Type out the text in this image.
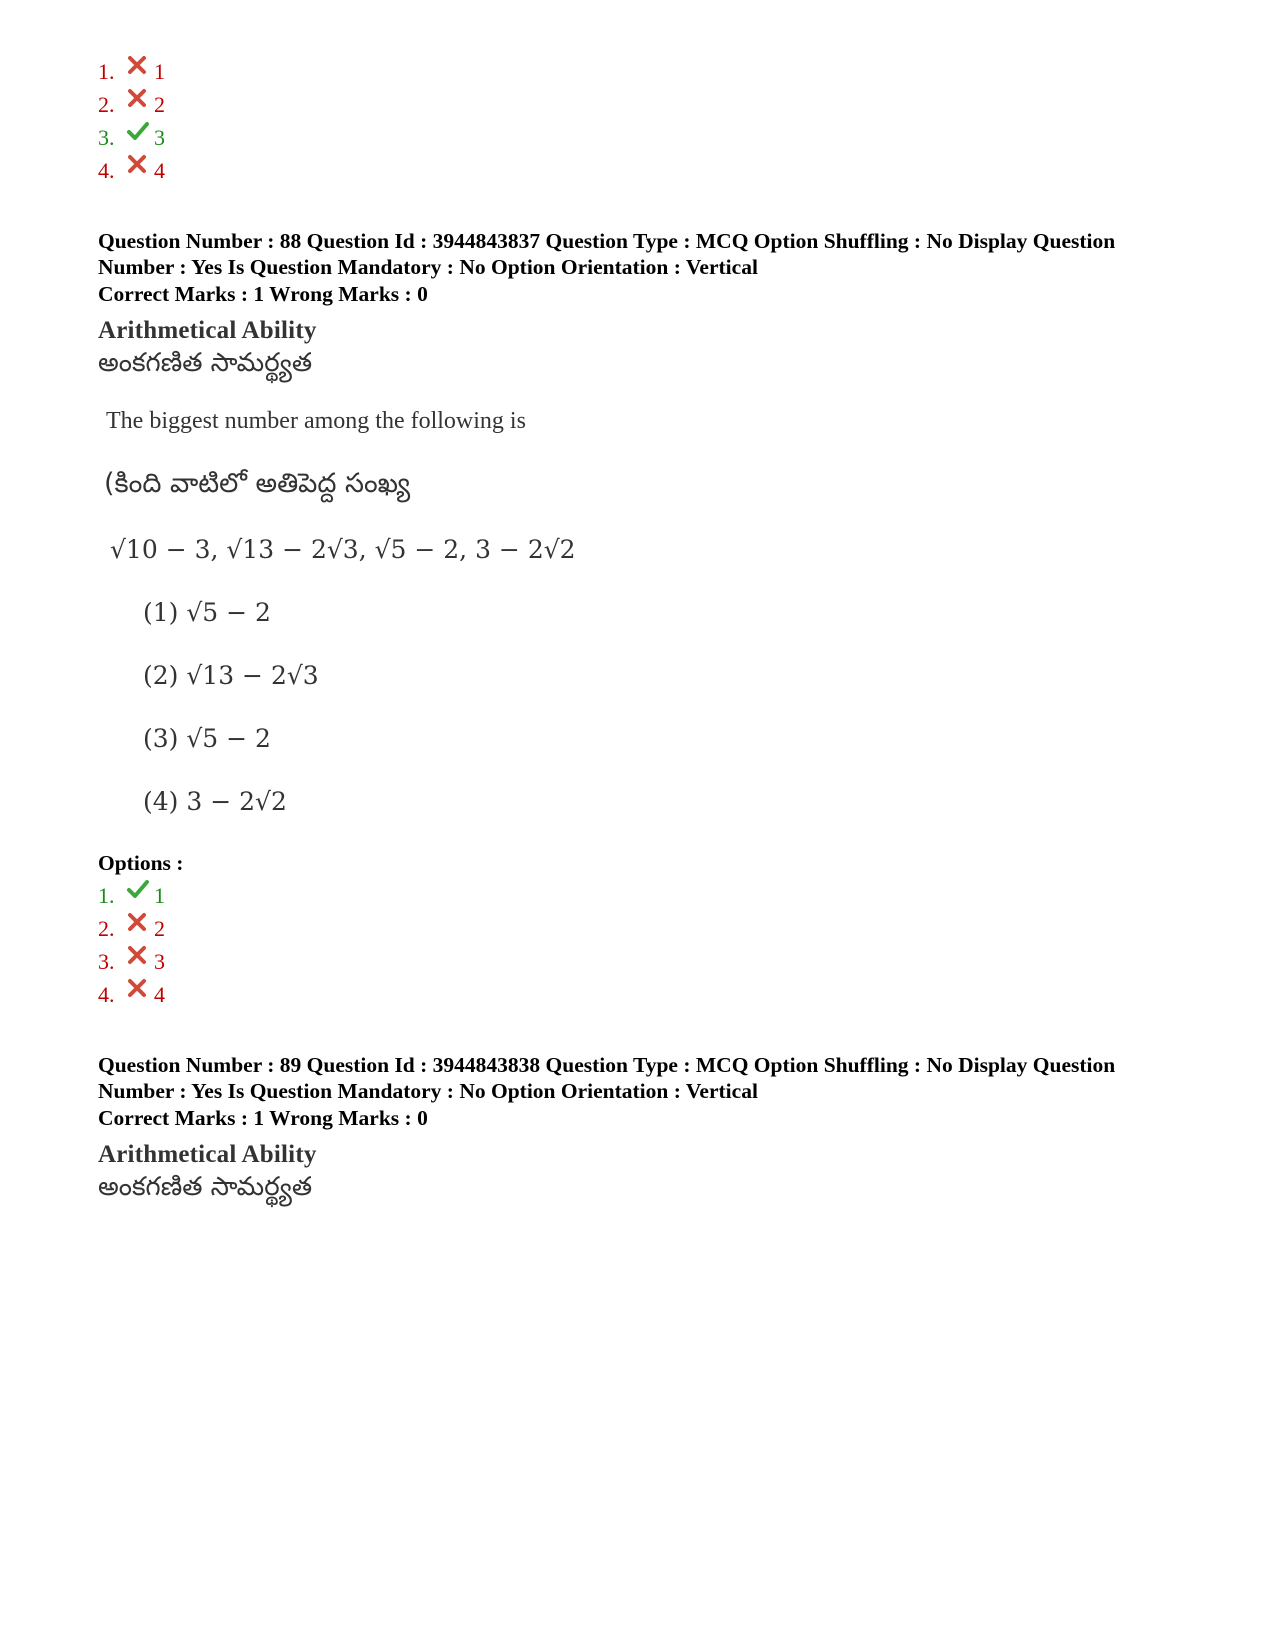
1.	1
2.	2
3.	3
4.	4
Question Number : 88 Question Id : 3944843837 Question Type : MCQ Option Shuffling : No Display Question
Number : Yes Is Question Mandatory : No Option Orientation : Vertical
Correct Marks : 1 Wrong Marks : 0
Arithmetical Ability
అంకగణిత సామర్థ్యత
The biggest number among the following is
(కింది వాటిలో అతిపెద్ద సంఖ్య
√10 − 3, √13 − 2√3, √5 − 2, 3 − 2√2
(1) √5 − 2
(2) √13 − 2√3
(3) √5 − 2
(4) 3 − 2√2
Options :
1.	1
2.	2
3.	3
4.	4
Question Number : 89 Question Id : 3944843838 Question Type : MCQ Option Shuffling : No Display Question
Number : Yes Is Question Mandatory : No Option Orientation : Vertical
Correct Marks : 1 Wrong Marks : 0
Arithmetical Ability
అంకగణిత సామర్థ్యత
